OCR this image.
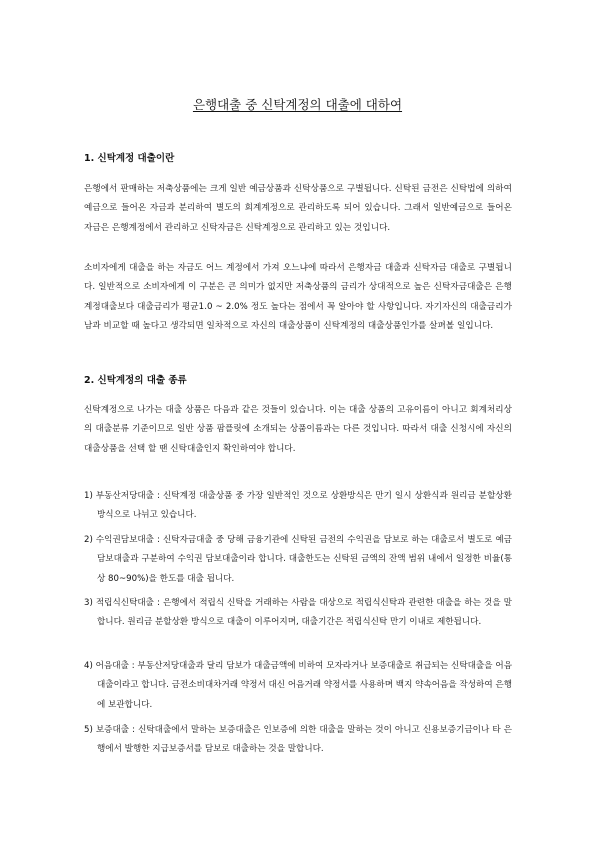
은행대출 중 신탁계정의 대출에 대하여
1. 신탁계정 대출이란
은행에서 판매하는 저축상품에는 크게 일반 예금상품과 신탁상품으로 구별됩니다. 신탁된 금전은 신탁법에 의하여 예금으로 들어온 자금과 분리하여 별도의 회계계정으로 관리하도록 되어 있습니다. 그래서 일반예금으로 들어온 자금은 은행계정에서 관리하고 신탁자금은 신탁계정으로 관리하고 있는 것입니다.
소비자에게 대출을 하는 자금도 어느 계정에서 가져 오느냐에 따라서 은행자금 대출과 신탁자금 대출로 구별됩니다. 일반적으로 소비자에게 이 구분은 큰 의미가 없지만 저축상품의 금리가 상대적으로 높은 신탁자금대출은 은행계정대출보다 대출금리가 평균1.0 ~ 2.0% 정도 높다는 점에서 꼭 알아야 할 사항입니다. 자기자신의 대출금리가 남과 비교할 때 높다고 생각되면 일차적으로 자신의 대출상품이 신탁계정의 대출상품인가를 살펴볼 일입니다.
2. 신탁계정의 대출 종류
신탁계정으로 나가는 대출 상품은 다음과 같은 것들이 있습니다. 이는 대출 상품의 고유이름이 아니고 회계처리상의 대출분류 기준이므로 일반 상품 팜플릿에 소개되는 상품이름과는 다른 것입니다. 따라서 대출 신청시에 자신의 대출상품을 선택 할 땐 신탁대출인지 확인하여야 합니다.
1) 부동산저당대출 : 신탁계정 대출상품 중 가장 일반적인 것으로 상환방식은 만기 일시 상환식과 원리금 분할상환방식으로 나뉘고 있습니다.
2) 수익권담보대출 : 신탁자금대출 중 당해 금융기관에 신탁된 금전의 수익권을 담보로 하는 대출로서 별도로 예금담보대출과 구분하여 수익권 담보대출이라 합니다. 대출한도는 신탁된 금액의 잔액 범위 내에서 일정한 비율(통상 80~90%)을 한도를 대출 됩니다.
3) 적립식신탁대출 : 은행에서 적립식 신탁을 거래하는 사람을 대상으로 적립식신탁과 관련한 대출을 하는 것을 말합니다. 원리금 분할상환 방식으로 대출이 이루어지며, 대출기간은 적립식신탁 만기 이내로 제한됩니다.
4) 어음대출 : 부동산저당대출과 달리 담보가 대출금액에 비하여 모자라거나 보증대출로 취급되는 신탁대출을 어음대출이라고 합니다. 금전소비대차거래 약정서 대신 어음거래 약정서를 사용하며 백지 약속어음을 작성하여 은행에 보관합니다.
5) 보증대출 : 신탁대출에서 말하는 보증대출은 인보증에 의한 대출을 말하는 것이 아니고 신용보증기금이나 타 은행에서 발행한 지급보증서를 담보로 대출하는 것을 말합니다.
